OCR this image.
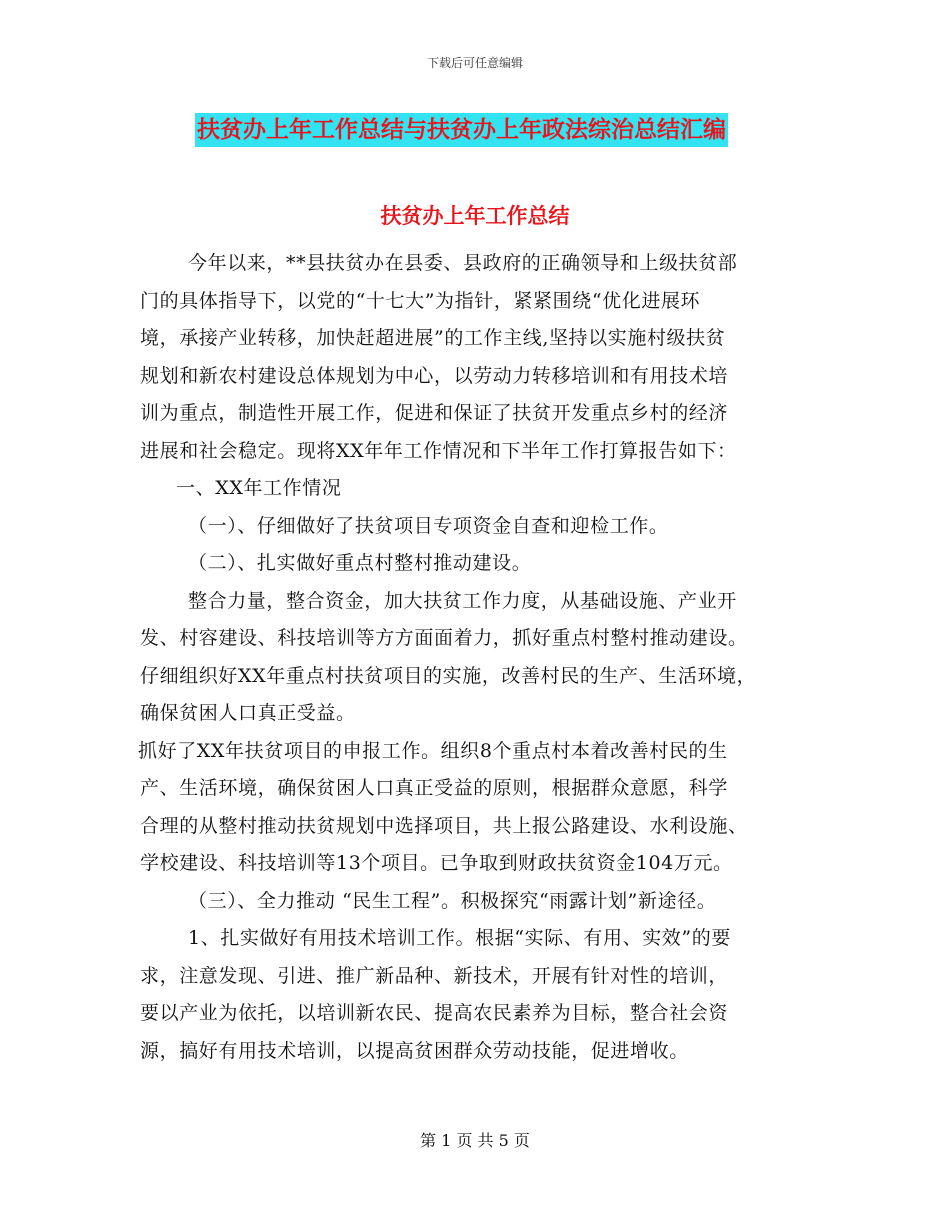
下载后可任意编辑
扶贫办上年工作总结与扶贫办上年政法综治总结汇编
扶贫办上年工作总结
今年以来，**县扶贫办在县委、县政府的正确领导和上级扶贫部
门的具体指导下，以党的“十七大”为指针，紧紧围绕“优化进展环
境，承接产业转移，加快赶超进展”的工作主线,坚持以实施村级扶贫
规划和新农村建设总体规划为中心，以劳动力转移培训和有用技术培
训为重点，制造性开展工作，促进和保证了扶贫开发重点乡村的经济
进展和社会稳定。现将XX年年工作情况和下半年工作打算报告如下：
一、XX年工作情况
（一）、仔细做好了扶贫项目专项资金自查和迎检工作。
（二）、扎实做好重点村整村推动建设。
整合力量，整合资金，加大扶贫工作力度，从基础设施、产业开
发、村容建设、科技培训等方方面面着力，抓好重点村整村推动建设。
仔细组织好XX年重点村扶贫项目的实施，改善村民的生产、生活环境，
确保贫困人口真正受益。
抓好了XX年扶贫项目的申报工作。组织8个重点村本着改善村民的生
产、生活环境，确保贫困人口真正受益的原则，根据群众意愿，科学
合理的从整村推动扶贫规划中选择项目，共上报公路建设、水利设施、
学校建设、科技培训等13个项目。已争取到财政扶贫资金104万元。
（三）、全力推动 “民生工程”。积极探究“雨露计划”新途径。
1、扎实做好有用技术培训工作。根据“实际、有用、实效”的要
求，注意发现、引进、推广新品种、新技术，开展有针对性的培训，
要以产业为依托，以培训新农民、提高农民素养为目标，整合社会资
源，搞好有用技术培训，以提高贫困群众劳动技能，促进增收。
第 1 页 共 5 页
